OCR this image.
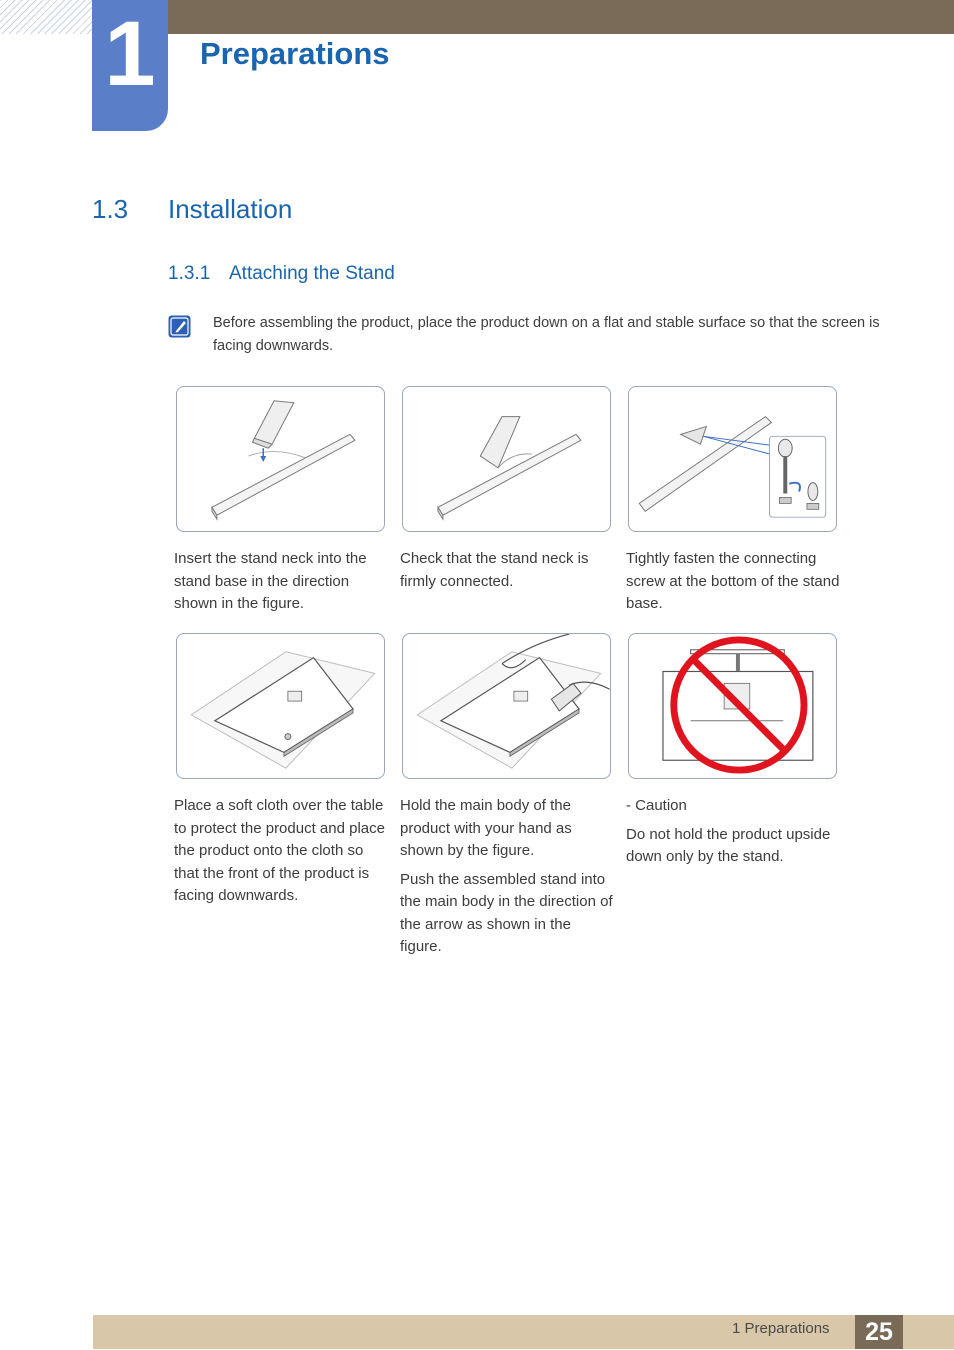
1 Preparations
1.3 Installation
1.3.1 Attaching the Stand
Before assembling the product, place the product down on a flat and stable surface so that the screen is facing downwards.

Insert the stand neck into the stand base in the direction shown in the figure.

Check that the stand neck is firmly connected.

Tightly fasten the connecting screw at the bottom of the stand base.

Place a soft cloth over the table to protect the product and place the product onto the cloth so that the front of the product is facing downwards.

Hold the main body of the product with your hand as shown by the figure.

Push the assembled stand into the main body in the direction of the arrow as shown in the figure.

- Caution

Do not hold the product upside down only by the stand.

1 Preparations	25
